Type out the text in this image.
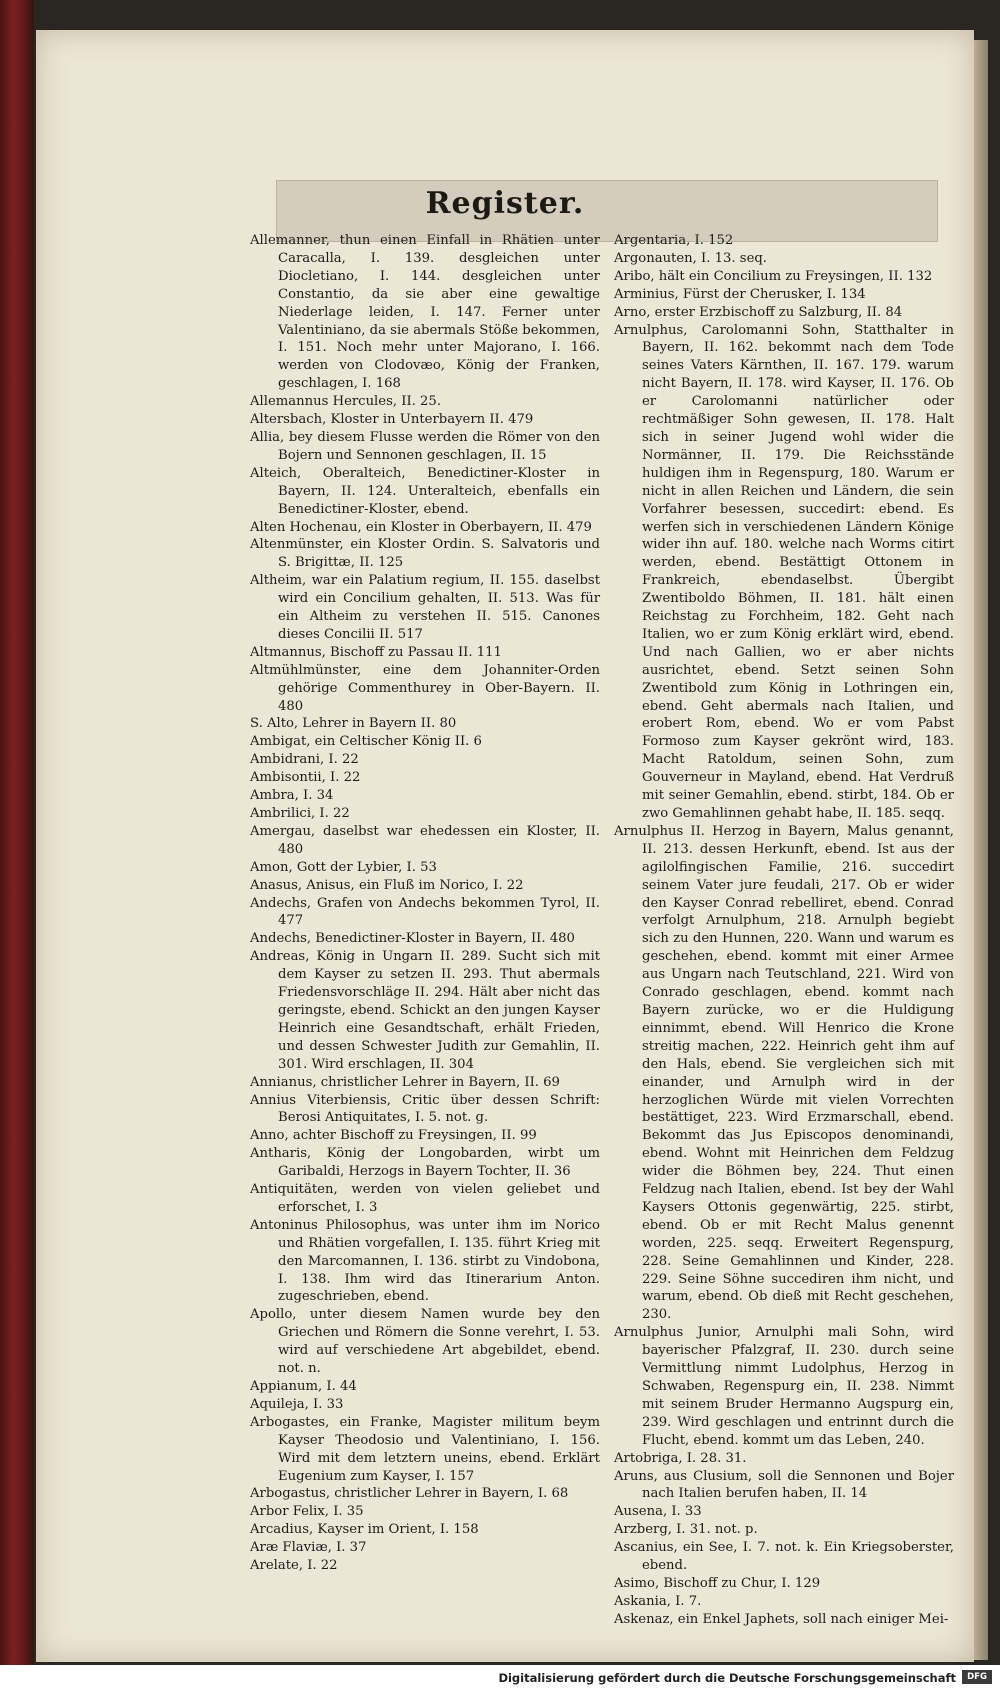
Register.

Allemanner, thun einen Einfall in Rhätien unter Caracalla, I. 139. desgleichen unter Diocletiano, I. 144. desgleichen unter Constantio, da sie aber eine gewaltige Niederlage leiden, I. 147. Ferner unter Valentiniano, da sie abermals Stöße bekommen, I. 151. Noch mehr unter Majorano, I. 166. werden von Clodovæo, König der Franken, geschlagen, I. 168

Allemannus Hercules, II. 25.

Altersbach, Kloster in Unterbayern II. 479

Allia, bey diesem Flusse werden die Römer von den Bojern und Sennonen geschlagen, II. 15

Alteich, Oberalteich, Benedictiner-Kloster in Bayern, II. 124. Unteralteich, ebenfalls ein Benedictiner-Kloster, ebend.

Alten Hochenau, ein Kloster in Oberbayern, II. 479

Altenmünster, ein Kloster Ordin. S. Salvatoris und S. Brigittæ, II. 125

Altheim, war ein Palatium regium, II. 155. daselbst wird ein Concilium gehalten, II. 513. Was für ein Altheim zu verstehen II. 515. Canones dieses Concilii II. 517

Altmannus, Bischoff zu Passau II. 111

Altmühlmünster, eine dem Johanniter-Orden gehörige Commenthurey in Ober-Bayern. II. 480

S. Alto, Lehrer in Bayern II. 80

Ambigat, ein Celtischer König II. 6

Ambidrani, I. 22

Ambisontii, I. 22

Ambra, I. 34

Ambrilici, I. 22

Amergau, daselbst war ehedessen ein Kloster, II. 480

Amon, Gott der Lybier, I. 53

Anasus, Anisus, ein Fluß im Norico, I. 22

Andechs, Grafen von Andechs bekommen Tyrol, II. 477

Andechs, Benedictiner-Kloster in Bayern, II. 480

Andreas, König in Ungarn II. 289. Sucht sich mit dem Kayser zu setzen II. 293. Thut abermals Friedensvorschläge II. 294. Hält aber nicht das geringste, ebend. Schickt an den jungen Kayser Heinrich eine Gesandtschaft, erhält Frieden, und dessen Schwester Judith zur Gemahlin, II. 301. Wird erschlagen, II. 304

Annianus, christlicher Lehrer in Bayern, II. 69

Annius Viterbiensis, Critic über dessen Schrift: Berosi Antiquitates, I. 5. not. g.

Anno, achter Bischoff zu Freysingen, II. 99

Antharis, König der Longobarden, wirbt um Garibaldi, Herzogs in Bayern Tochter, II. 36

Antiquitäten, werden von vielen geliebet und erforschet, I. 3

Antoninus Philosophus, was unter ihm im Norico und Rhätien vorgefallen, I. 135. führt Krieg mit den Marcomannen, I. 136. stirbt zu Vindobona, I. 138. Ihm wird das Itinerarium Anton. zugeschrieben, ebend.

Apollo, unter diesem Namen wurde bey den Griechen und Römern die Sonne verehrt, I. 53. wird auf verschiedene Art abgebildet, ebend. not. n.

Appianum, I. 44

Aquileja, I. 33

Arbogastes, ein Franke, Magister militum beym Kayser Theodosio und Valentiniano, I. 156. Wird mit dem letztern uneins, ebend. Erklärt Eugenium zum Kayser, I. 157

Arbogastus, christlicher Lehrer in Bayern, I. 68

Arbor Felix, I. 35

Arcadius, Kayser im Orient, I. 158

Aræ Flaviæ, I. 37

Arelate, I. 22

Argentaria, I. 152

Argonauten, I. 13. seq.

Aribo, hält ein Concilium zu Freysingen, II. 132

Arminius, Fürst der Cherusker, I. 134

Arno, erster Erzbischoff zu Salzburg, II. 84

Arnulphus, Carolomanni Sohn, Statthalter in Bayern, II. 162. bekommt nach dem Tode seines Vaters Kärnthen, II. 167. 179. warum nicht Bayern, II. 178. wird Kayser, II. 176. Ob er Carolomanni natürlicher oder rechtmäßiger Sohn gewesen, II. 178. Halt sich in seiner Jugend wohl wider die Normänner, II. 179. Die Reichsstände huldigen ihm in Regenspurg, 180. Warum er nicht in allen Reichen und Ländern, die sein Vorfahrer besessen, succedirt: ebend. Es werfen sich in verschiedenen Ländern Könige wider ihn auf. 180. welche nach Worms citirt werden, ebend. Bestättigt Ottonem in Frankreich, ebendaselbst. Übergibt Zwentiboldo Böhmen, II. 181. hält einen Reichstag zu Forchheim, 182. Geht nach Italien, wo er zum König erklärt wird, ebend. Und nach Gallien, wo er aber nichts ausrichtet, ebend. Setzt seinen Sohn Zwentibold zum König in Lothringen ein, ebend. Geht abermals nach Italien, und erobert Rom, ebend. Wo er vom Pabst Formoso zum Kayser gekrönt wird, 183. Macht Ratoldum, seinen Sohn, zum Gouverneur in Mayland, ebend. Hat Verdruß mit seiner Gemahlin, ebend. stirbt, 184. Ob er zwo Gemahlinnen gehabt habe, II. 185. seqq.

Arnulphus II. Herzog in Bayern, Malus genannt, II. 213. dessen Herkunft, ebend. Ist aus der agilolfingischen Familie, 216. succedirt seinem Vater jure feudali, 217. Ob er wider den Kayser Conrad rebelliret, ebend. Conrad verfolgt Arnulphum, 218. Arnulph begiebt sich zu den Hunnen, 220. Wann und warum es geschehen, ebend. kommt mit einer Armee aus Ungarn nach Teutschland, 221. Wird von Conrado geschlagen, ebend. kommt nach Bayern zurücke, wo er die Huldigung einnimmt, ebend. Will Henrico die Krone streitig machen, 222. Heinrich geht ihm auf den Hals, ebend. Sie vergleichen sich mit einander, und Arnulph wird in der herzoglichen Würde mit vielen Vorrechten bestättiget, 223. Wird Erzmarschall, ebend. Bekommt das Jus Episcopos denominandi, ebend. Wohnt mit Heinrichen dem Feldzug wider die Böhmen bey, 224. Thut einen Feldzug nach Italien, ebend. Ist bey der Wahl Kaysers Ottonis gegenwärtig, 225. stirbt, ebend. Ob er mit Recht Malus genennt worden, 225. seqq. Erweitert Regenspurg, 228. Seine Gemahlinnen und Kinder, 228. 229. Seine Söhne succediren ihm nicht, und warum, ebend. Ob dieß mit Recht geschehen, 230.

Arnulphus Junior, Arnulphi mali Sohn, wird bayerischer Pfalzgraf, II. 230. durch seine Vermittlung nimmt Ludolphus, Herzog in Schwaben, Regenspurg ein, II. 238. Nimmt mit seinem Bruder Hermanno Augspurg ein, 239. Wird geschlagen und entrinnt durch die Flucht, ebend. kommt um das Leben, 240.

Artobriga, I. 28. 31.

Aruns, aus Clusium, soll die Sennonen und Bojer nach Italien berufen haben, II. 14

Ausena, I. 33

Arzberg, I. 31. not. p.

Ascanius, ein See, I. 7. not. k. Ein Kriegsoberster, ebend.

Asimo, Bischoff zu Chur, I. 129

Askania, I. 7.

Askenaz, ein Enkel Japhets, soll nach einiger Mei-

Digitalisierung gefördert durch die Deutsche Forschungsgemeinschaft	DFG
